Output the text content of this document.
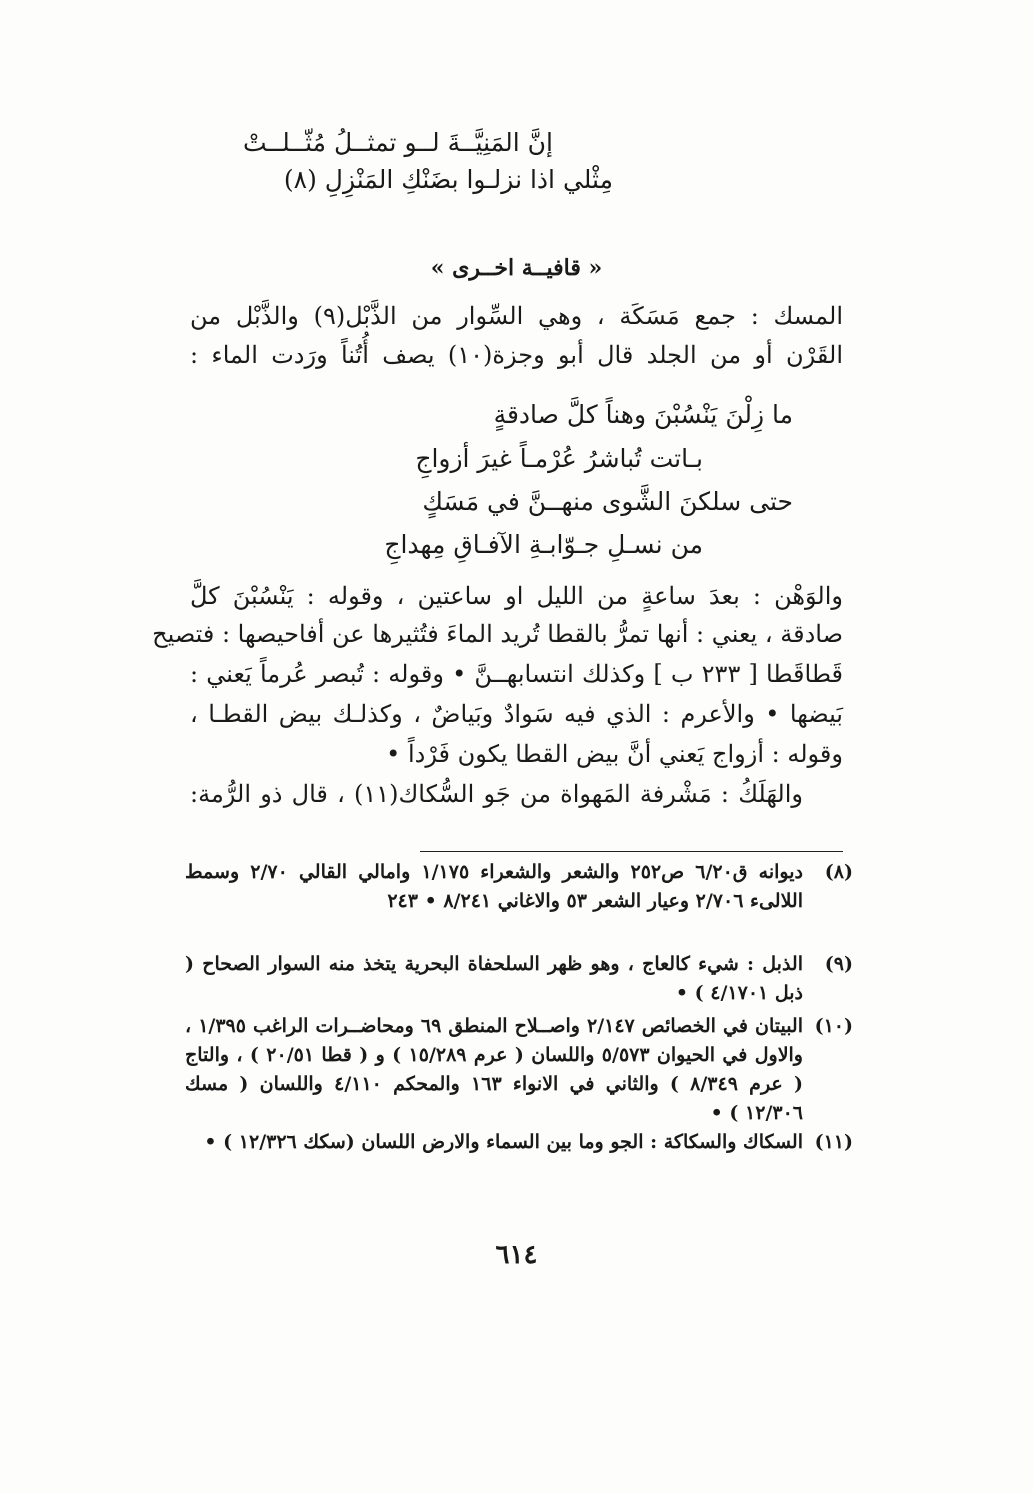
إنَّ المَنِيَّــةَ لــو تمثــلُ مُثّــلــتْ
مِثْلي اذا نزلـوا بضَنْكِ المَنْزِلِ (٨)
« قافيــة اخــرى »
المسك : جمع مَسَكَة ، وهي السِّوار من الذَّبْل(٩) والذَّبْل من
القَرْن أو من الجلد قال أبو وجزة(١٠) يصف أُتُناً ورَدت الماء :
ما زِلْنَ يَنْسُبْنَ وهناً كلَّ صادقةٍ
بـاتت تُباشرُ عُرْمـاً غيرَ أزواجِ
حتى سلكنَ الشَّوى منهــنَّ في مَسَكٍ
من نسـلِ جـوّابـةِ الآفـاقِ مِهداجِ
والوَهْن : بعدَ ساعةٍ من الليل او ساعتين ، وقوله : يَنْسُبْنَ كلَّ
صادقة ، يعني : أنها تمرُّ بالقطا تُريد الماءَ فتُثيرها عن أفاحيصها : فتصيح
قَطاقَطا [ ٢٣٣ ب ] وكذلك انتسابهــنَّ • وقوله : تُبصر عُرماً يَعني :
بَيضها • والأعرم : الذي فيه سَوادٌ وبَياضٌ ، وكذلـك بيض القطـا ،
وقوله : أزواج يَعني أنَّ بيض القطا يكون فَرْداً •
والهَلَكُ : مَشْرفة المَهواة من جَو السُّكاك(١١) ، قال ذو الرُّمة:
(٨)
ديوانه ق٦/٢٠ ص٢٥٢ والشعر والشعراء ١/١٧٥ وامالي القالي ٢/٧٠ وسمط اللالىء ٢/٧٠٦ وعيار الشعر ٥٣ والاغاني ٨/٢٤١ • ٢٤٣
(٩)
الذبل : شيء كالعاج ، وهو ظهر السلحفاة البحرية يتخذ منه السوار الصحاح ( ذبل ٤/١٧٠١ ) •
(١٠)
البيتان في الخصائص ٢/١٤٧ واصــلاح المنطق ٦٩ ومحاضــرات الراغب ١/٣٩٥ ، والاول في الحيوان ٥/٥٧٣ واللسان ( عرم ١٥/٢٨٩ ) و ( قطا ٢٠/٥١ ) ، والتاج ( عرم ٨/٣٤٩ ) والثاني في الانواء ١٦٣ والمحكم ٤/١١٠ واللسان ( مسك ١٢/٣٠٦ ) •
(١١)
السكاك والسكاكة : الجو وما بين السماء والارض اللسان (سكك ١٢/٣٢٦ ) •
٦١٤
